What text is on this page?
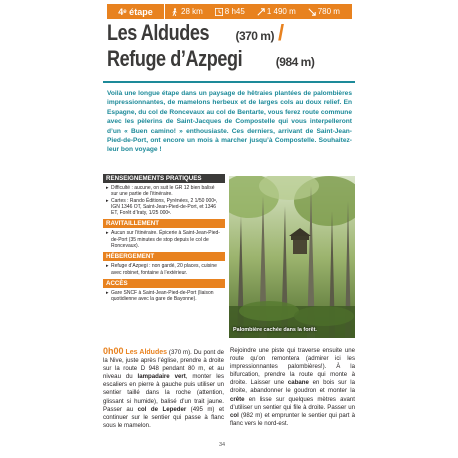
4ᵉ étape	28 km	8 h45	1 490 m	780 m
Les Aldudes (370 m) /
Refuge d’Azpegi	(984 m)

Voilà une longue étape dans un paysage de hêtraies plantées de palombières impressionnantes, de mamelons herbeux et de larges cols au doux relief. En Espagne, du col de Roncevaux au col de Bentarte, vous ferez route commune avec les pèlerins de Saint-Jacques de Compostelle qui vous interpelleront d’un « Buen camino! » enthousiaste. Ces derniers, arrivant de Saint-Jean-Pied-de-Port, ont encore un mois à marcher jusqu’à Compostelle. Souhaitez-leur bon voyage !

RENSEIGNEMENTS PRATIQUES
▸ Difficulté : aucune, on suit le GR 12 bien balisé sur une partie de l’itinéraire.
▸ Cartes : Rando Éditions, Pyrénées, 2 1/50 000ᵉ, IGN 1346 OT, Saint-Jean-Pied-de-Port, et 1346 ET, Forêt d’Iraty, 1/25 000ᵉ.
RAVITAILLEMENT
▸ Aucun sur l’itinéraire. Épicerie à Saint-Jean-Pied-de-Port (35 minutes de stop depuis le col de Roncevaux).
HÉBERGEMENT
▸ Refuge d’Azpegi : non gardé, 20 places, cuisine avec robinet, fontaine à l’extérieur.
ACCÈS
▸ Gare SNCF à Saint-Jean-Pied-de-Port (liaison quotidienne avec la gare de Bayonne).
Palombière cachée dans la forêt.
0h00 Les Aldudes (370 m). Du pont de la Nive, juste après l’église, prendre à droite sur la route D 948 pendant 80 m, et au niveau du lampadaire vert, monter les escaliers en pierre à gauche puis utiliser un sentier taillé dans la roche (attention, glissant si humide), balisé d’un trait jaune. Passer au col de Lepeder (495 m) et continuer sur le sentier qui passe à flanc sous le mamelon.
Rejoindre une piste qui traverse ensuite une route qu’on remontera (admirer ici les impressionnantes palombières!). À la bifurcation, prendre la route qui monte à droite. Laisser une cabane en bois sur la droite, abandonner le goudron et monter la crête en lisse sur quelques mètres avant d’utiliser un sentier qui file à droite. Passer un col (982 m) et emprunter le sentier qui part à flanc vers le nord-est.
34
